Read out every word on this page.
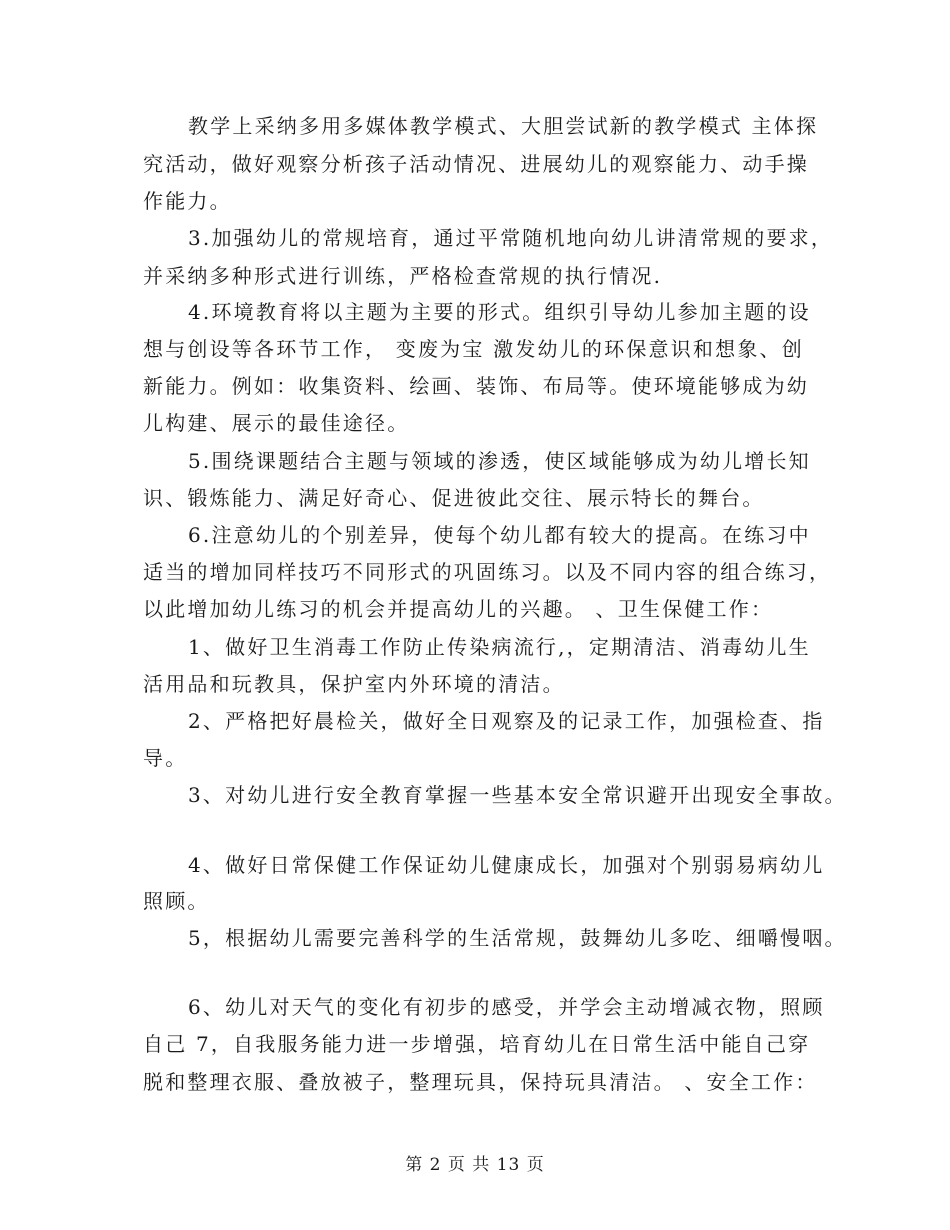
教学上采纳多用多媒体教学模式、大胆尝试新的教学模式 主体探
究活动，做好观察分析孩子活动情况、进展幼儿的观察能力、动手操
作能力。
3.加强幼儿的常规培育，通过平常随机地向幼儿讲清常规的要求，
并采纳多种形式进行训练，严格检查常规的执行情况.
4.环境教育将以主题为主要的形式。组织引导幼儿参加主题的设
想与创设等各环节工作， 变废为宝 激发幼儿的环保意识和想象、创
新能力。例如：收集资料、绘画、装饰、布局等。使环境能够成为幼
儿构建、展示的最佳途径。
5.围绕课题结合主题与领域的渗透，使区域能够成为幼儿增长知
识、锻炼能力、满足好奇心、促进彼此交往、展示特长的舞台。
6.注意幼儿的个别差异，使每个幼儿都有较大的提高。在练习中
适当的增加同样技巧不同形式的巩固练习。以及不同内容的组合练习，
以此增加幼儿练习的机会并提高幼儿的兴趣。 、卫生保健工作：
1、做好卫生消毒工作防止传染病流行,，定期清洁、消毒幼儿生
活用品和玩教具，保护室内外环境的清洁。
2、严格把好晨检关，做好全日观察及的记录工作，加强检查、指
导。
3、对幼儿进行安全教育掌握一些基本安全常识避开出现安全事故。
4、做好日常保健工作保证幼儿健康成长，加强对个别弱易病幼儿
照顾。
5，根据幼儿需要完善科学的生活常规，鼓舞幼儿多吃、细嚼慢咽。
6、幼儿对天气的变化有初步的感受，并学会主动增减衣物，照顾
自己 7，自我服务能力进一步增强，培育幼儿在日常生活中能自己穿
脱和整理衣服、叠放被子，整理玩具，保持玩具清洁。 、安全工作：
第 2 页 共 13 页
